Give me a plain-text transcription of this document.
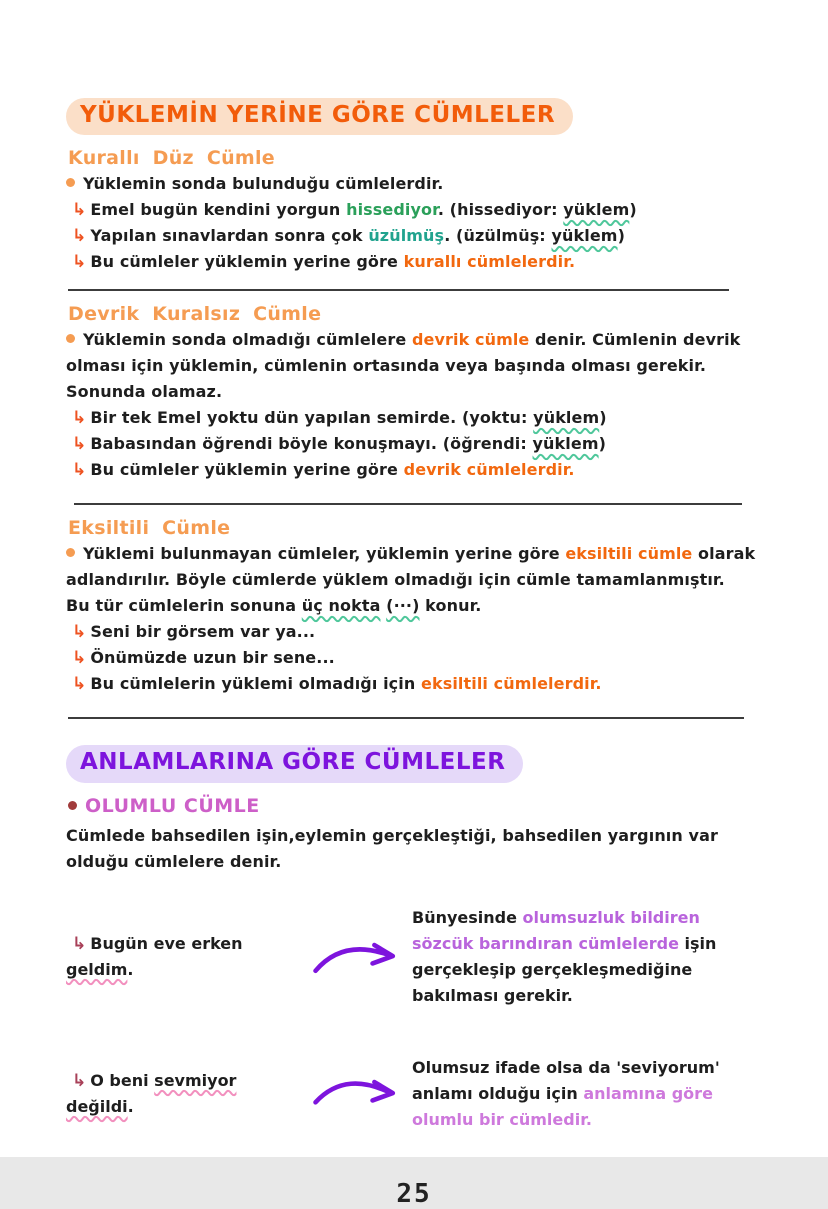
YÜKLEMİN YERİNE GÖRE CÜMLELER
Kurallı Düz Cümle
Yüklemin sonda bulunduğu cümlelerdir.
↳ Emel bugün kendini yorgun hissediyor. (hissediyor: yüklem)
↳ Yapılan sınavlardan sonra çok üzülmüş. (üzülmüş: yüklem)
↳ Bu cümleler yüklemin yerine göre kurallı cümlelerdir.
Devrik Kuralsız Cümle
Yüklemin sonda olmadığı cümlelere devrik cümle denir. Cümlenin devrik olması için yüklemin, cümlenin ortasında veya başında olması gerekir. Sonunda olamaz.
↳ Bir tek Emel yoktu dün yapılan semirde. (yoktu: yüklem)
↳ Babasından öğrendi böyle konuşmayı. (öğrendi: yüklem)
↳ Bu cümleler yüklemin yerine göre devrik cümlelerdir.
Eksiltili Cümle
Yüklemi bulunmayan cümleler, yüklemin yerine göre eksiltili cümle olarak adlandırılır. Böyle cümlerde yüklem olmadığı için cümle tamamlanmıştır.
Bu tür cümlelerin sonuna üç nokta (···) konur.
↳ Seni bir görsem var ya...
↳ Önümüzde uzun bir sene...
↳ Bu cümlelerin yüklemi olmadığı için eksiltili cümlelerdir.
ANLAMLARINA GÖRE CÜMLELER
OLUMLU CÜMLE
Cümlede bahsedilen işin,eylemin gerçekleştiği, bahsedilen yargının var olduğu cümlelere denir.
↳ Bugün eve erken geldim.
Bünyesinde olumsuzluk bildiren sözcük barındıran cümlelerde işin gerçekleşip gerçekleşmediğine bakılması gerekir.
↳ O beni sevmiyor değildi.
Olumsuz ifade olsa da 'seviyorum' anlamı olduğu için anlamına göre olumlu bir cümledir.
25
